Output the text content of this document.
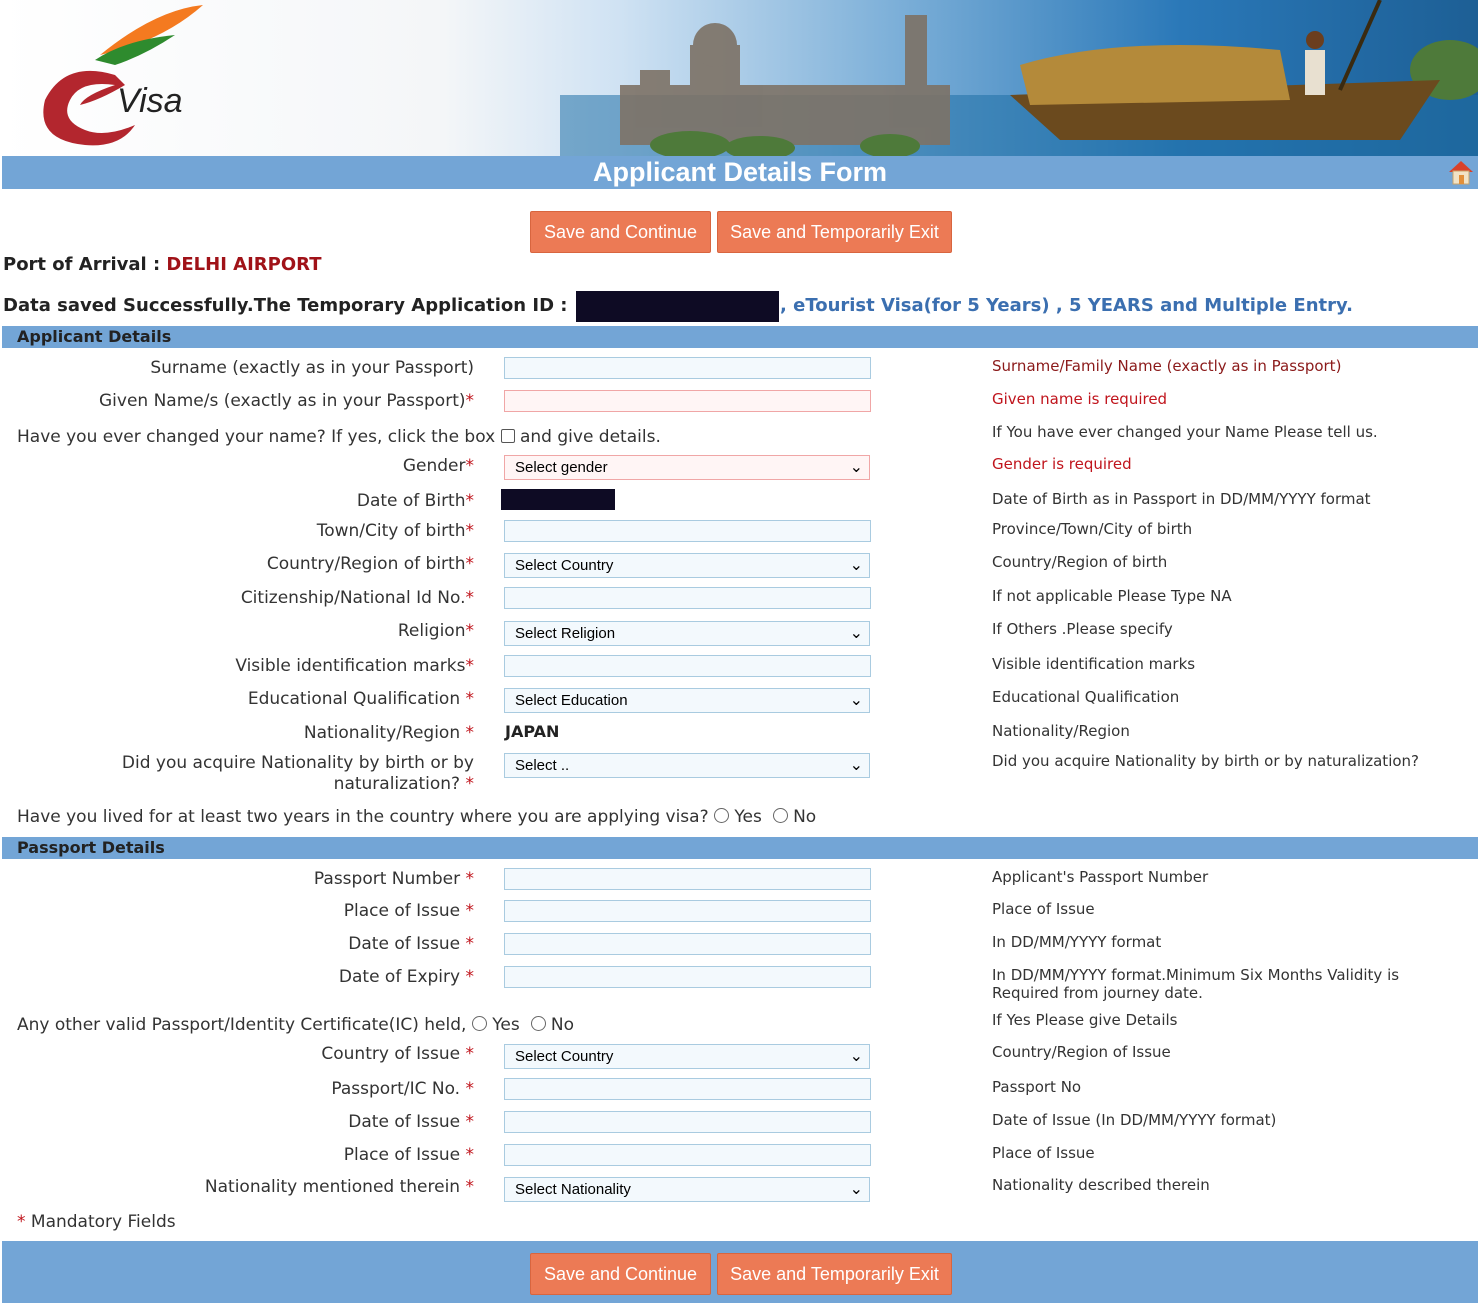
Visa
Applicant Details Form
Save and Continue	Save and Temporarily Exit
Port of Arrival : DELHI AIRPORT
Data saved Successfully.The Temporary Application ID :	, eTourist Visa(for 5 Years) , 5 YEARS and Multiple Entry.
Applicant Details
Surname (exactly as in your Passport)	Surname/Family Name (exactly as in Passport)
Given Name/s (exactly as in your Passport)*	Given name is required
Have you ever changed your name? If yes, click the box and give details.	If You have ever changed your Name Please tell us.
Gender*	Select gender	⌄	Gender is required
Date of Birth*	Date of Birth as in Passport in DD/MM/YYYY format
Town/City of birth*	Province/Town/City of birth
Country/Region of birth*	Select Country	⌄	Country/Region of birth
Citizenship/National Id No.*	If not applicable Please Type NA
Religion*	Select Religion	⌄	If Others .Please specify
Visible identification marks*	Visible identification marks
Educational Qualification *	Select Education	⌄	Educational Qualification
Nationality/Region * JAPAN	Nationality/Region
Did you acquire Nationality by birth or by
naturalization? *
Select ..	⌄	Did you acquire Nationality by birth or by naturalization?
Have you lived for at least two years in the country where you are applying visa? Yes No
Passport Details
Passport Number *	Applicant's Passport Number
Place of Issue *	Place of Issue
Date of Issue *	In DD/MM/YYYY format
Date of Expiry *	In DD/MM/YYYY format.Minimum Six Months Validity is
Required from journey date.
Any other valid Passport/Identity Certificate(IC) held, Yes No	If Yes Please give Details
Country of Issue *	Select Country	⌄	Country/Region of Issue
Passport/IC No. *	Passport No
Date of Issue *	Date of Issue (In DD/MM/YYYY format)
Place of Issue *	Place of Issue
Nationality mentioned therein *	Select Nationality	⌄	Nationality described therein
* Mandatory Fields
Save and Continue	Save and Temporarily Exit
